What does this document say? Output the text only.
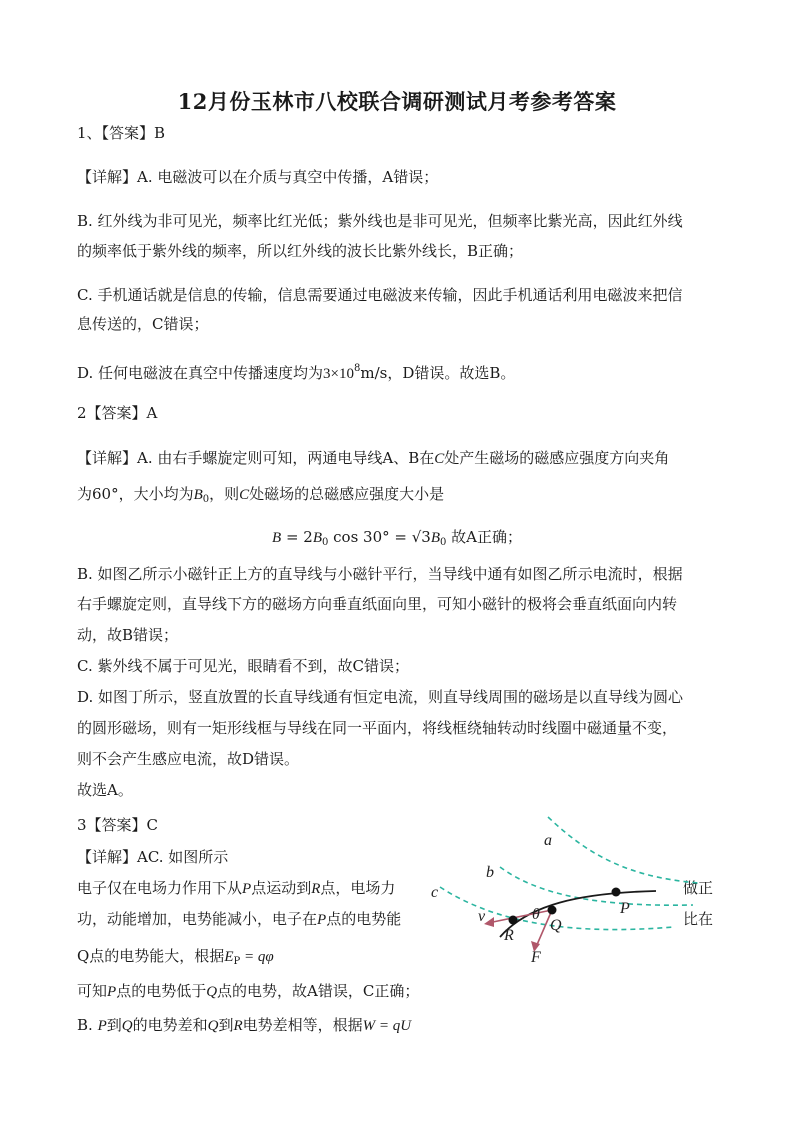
12月份玉林市八校联合调研测试月考参考答案
1、【答案】B
【详解】A. 电磁波可以在介质与真空中传播，A错误；
B. 红外线为非可见光，频率比红光低；紫外线也是非可见光，但频率比紫光高，因此红外线
的频率低于紫外线的频率，所以红外线的波长比紫外线长，B正确；
C. 手机通话就是信息的传输，信息需要通过电磁波来传输，因此手机通话利用电磁波来把信
息传送的，C错误；
D. 任何电磁波在真空中传播速度均为$3\times 10^8m/s$，D错误。故选B。
2【答案】A
【详解】A. 由右手螺旋定则可知，两通电导线A、B在C处产生磁场的磁感应强度方向夹角
为60°，大小均为$B_0$，则C处磁场的总磁感应强度大小是
$B = 2B_0$ $\cos 30^\circ = √3B_0$ 故A正确；
B. 如图乙所示小磁针正上方的直导线与小磁针平行，当导线中通有如图乙所示电流时，根据
右手螺旋定则，直导线下方的磁场方向垂直纸面向里，可知小磁针的极将会垂直纸面向内转
动，故B错误；
C. 紫外线不属于可见光，眼睛看不到，故C错误；
D. 如图丁所示，竖直放置的长直导线通有恒定电流，则直导线周围的磁场是以直导线为圆心
的圆形磁场，则有一矩形线框与导线在同一平面内，将线框绕轴转动时线圈中磁通量不变，
则不会产生感应电流，故D错误。
故选A。
3【答案】C
【详解】AC. 如图所示
电子仅在电场力作用下从P点运动到R点，电场力	做正
功，动能增加，电势能减小，电子在P点的电势能	比在
Q点的电势能大，根据$E_P = q\varphi$
可知P点的电势低于Q点的电势，故A错误，C正确；
B. P到Q的电势差和Q到R电势差相等，根据W = qU
a
b
c
P
Q
R
v
F
θ
